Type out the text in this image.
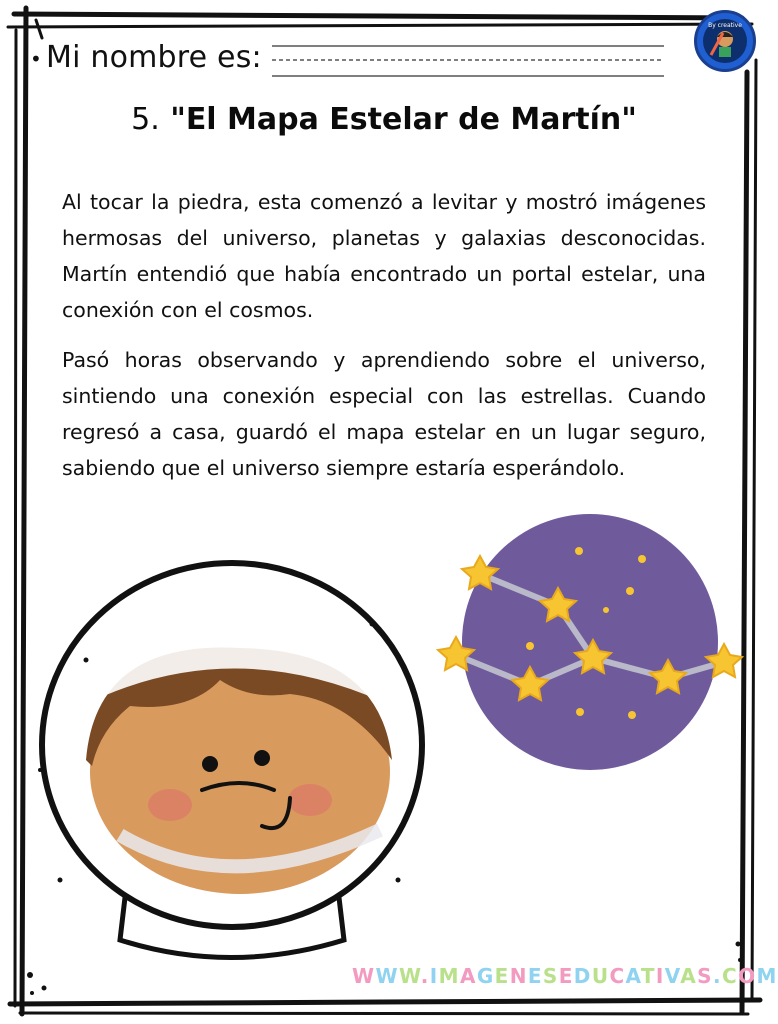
By creative
• Mi nombre es:
5. "El Mapa Estelar de Martín"

Al tocar la piedra, esta comenzó a levitar y mostró imágenes hermosas del universo, planetas y galaxias desconocidas. Martín entendió que había encontrado un portal estelar, una conexión con el cosmos.

Pasó horas observando y aprendiendo sobre el universo, sintiendo una conexión especial con las estrellas. Cuando regresó a casa, guardó el mapa estelar en un lugar seguro, sabiendo que el universo siempre estaría esperándolo.

WWW.IMAGENESEDUCATIVAS.COM
